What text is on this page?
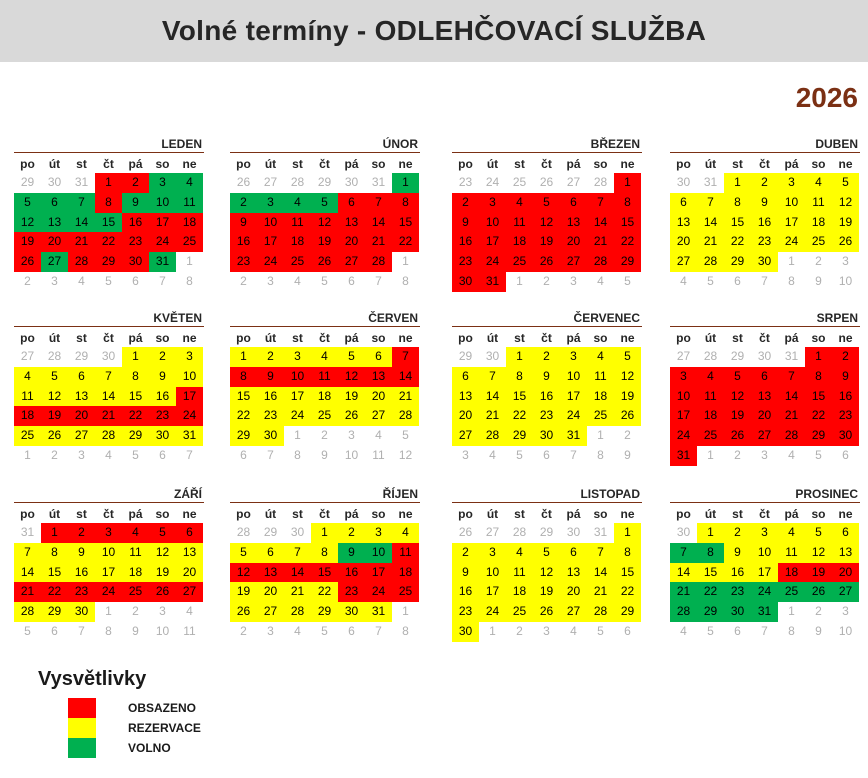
Volné termíny - ODLEHČOVACÍ SLUŽBA
2026
LEDEN
po	út	st	čt	pá	so	ne
29	30	31	1	2	3	4
5	6	7	8	9	10	11
12	13	14	15	16	17	18
19	20	21	22	23	24	25
26	27	28	29	30	31	1
2	3	4	5	6	7	8
ÚNOR
po	út	st	čt	pá	so	ne
26	27	28	29	30	31	1
2	3	4	5	6	7	8
9	10	11	12	13	14	15
16	17	18	19	20	21	22
23	24	25	26	27	28	1
2	3	4	5	6	7	8
BŘEZEN
po	út	st	čt	pá	so	ne
23	24	25	26	27	28	1
2	3	4	5	6	7	8
9	10	11	12	13	14	15
16	17	18	19	20	21	22
23	24	25	26	27	28	29
30	31	1	2	3	4	5
DUBEN
po	út	st	čt	pá	so	ne
30	31	1	2	3	4	5
6	7	8	9	10	11	12
13	14	15	16	17	18	19
20	21	22	23	24	25	26
27	28	29	30	1	2	3
4	5	6	7	8	9	10
KVĚTEN
po	út	st	čt	pá	so	ne
27	28	29	30	1	2	3
4	5	6	7	8	9	10
11	12	13	14	15	16	17
18	19	20	21	22	23	24
25	26	27	28	29	30	31
1	2	3	4	5	6	7
ČERVEN
po	út	st	čt	pá	so	ne
1	2	3	4	5	6	7
8	9	10	11	12	13	14
15	16	17	18	19	20	21
22	23	24	25	26	27	28
29	30	1	2	3	4	5
6	7	8	9	10	11	12
ČERVENEC
po	út	st	čt	pá	so	ne
29	30	1	2	3	4	5
6	7	8	9	10	11	12
13	14	15	16	17	18	19
20	21	22	23	24	25	26
27	28	29	30	31	1	2
3	4	5	6	7	8	9
SRPEN
po	út	st	čt	pá	so	ne
27	28	29	30	31	1	2
3	4	5	6	7	8	9
10	11	12	13	14	15	16
17	18	19	20	21	22	23
24	25	26	27	28	29	30
31	1	2	3	4	5	6
ZÁŘÍ
po	út	st	čt	pá	so	ne
31	1	2	3	4	5	6
7	8	9	10	11	12	13
14	15	16	17	18	19	20
21	22	23	24	25	26	27
28	29	30	1	2	3	4
5	6	7	8	9	10	11
ŘÍJEN
po	út	st	čt	pá	so	ne
28	29	30	1	2	3	4
5	6	7	8	9	10	11
12	13	14	15	16	17	18
19	20	21	22	23	24	25
26	27	28	29	30	31	1
2	3	4	5	6	7	8
LISTOPAD
po	út	st	čt	pá	so	ne
26	27	28	29	30	31	1
2	3	4	5	6	7	8
9	10	11	12	13	14	15
16	17	18	19	20	21	22
23	24	25	26	27	28	29
30	1	2	3	4	5	6
PROSINEC
po	út	st	čt	pá	so	ne
30	1	2	3	4	5	6
7	8	9	10	11	12	13
14	15	16	17	18	19	20
21	22	23	24	25	26	27
28	29	30	31	1	2	3
4	5	6	7	8	9	10
Vysvětlivky
OBSAZENO
REZERVACE
VOLNO
